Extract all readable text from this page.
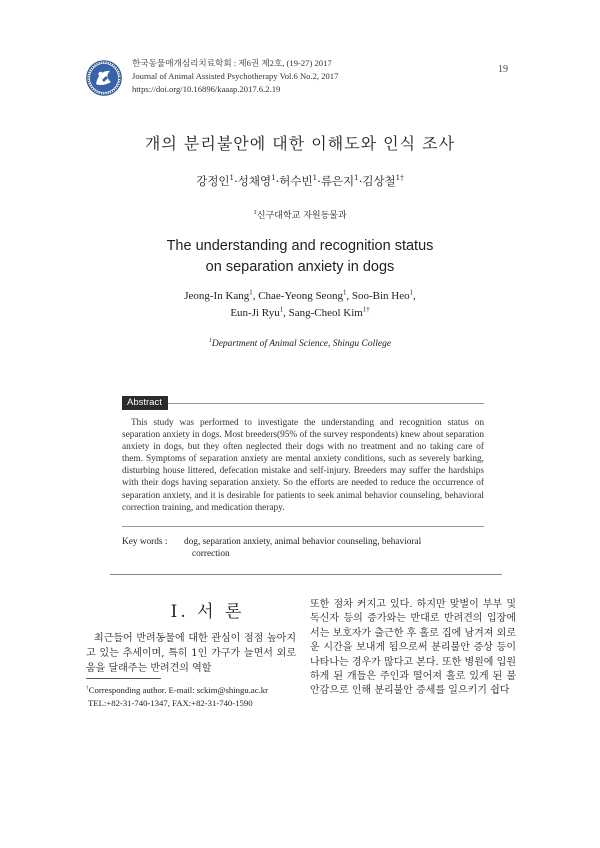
한국동물매개심리치료학회 : 제6권 제2호, (19-27) 2017
Journal of Animal Assisted Psychotherapy Vol.6 No.2, 2017
https://doi.org/10.16896/kaaap.2017.6.2.19
19
개의 분리불안에 대한 이해도와 인식 조사
강정인$^1$·성채영$^1$·허수빈$^1$·류은지$^1$·김상철$^{1\dagger}$
$^1$신구대학교 자원동물과
The understanding and recognition status
on separation anxiety in dogs
Jeong-In Kang$^1$, Chae-Yeong Seong$^1$, Soo-Bin Heo$^1$,
Eun-Ji Ryu$^1$, Sang-Cheol Kim$^{1\dagger}$
$^1$Department of Animal Science, Shingu College
Abstract
This study was performed to investigate the understanding and recognition status on separation anxiety in dogs. Most breeders(95% of the survey respondents) knew about separation anxiety in dogs, but they often neglected their dogs with no treatment and no taking care of them. Symptoms of separation anxiety are mental anxiety conditions, such as severely barking, disturbing house littered, defecation mistake and self-injury. Breeders may suffer the hardships with their dogs having separation anxiety. So the efforts are needed to reduce the occurrence of separation anxiety, and it is desirable for patients to seek animal behavior counseling, behavioral correction training, and medication therapy.
Key words : dog, separation anxiety, animal behavior counseling, behavioral
correction
Ⅰ. 서 론
최근들어 반려동물에 대한 관심이 점점 높아지고 있는 추세이며, 특히 1인 가구가 늘면서 외로움을 달래주는 반려견의 역할
†Corresponding author. E-mail: sckim@shingu.ac.kr
TEL:+82-31-740-1347, FAX:+82-31-740-1590
또한 점차 커지고 있다. 하지만 맞벌이 부부 및 독신자 등의 증가와는 반대로 반려견의 입장에서는 보호자가 출근한 후 홀로 집에 남겨져 외로운 시간을 보내게 됨으로써 분리불안 증상 등이 나타나는 경우가 많다고 본다. 또한 병원에 입원하게 된 개들은 주인과 떨어져 홀로 있게 된 불안감으로 인해 분리불안 증세를 일으키기 쉽다
